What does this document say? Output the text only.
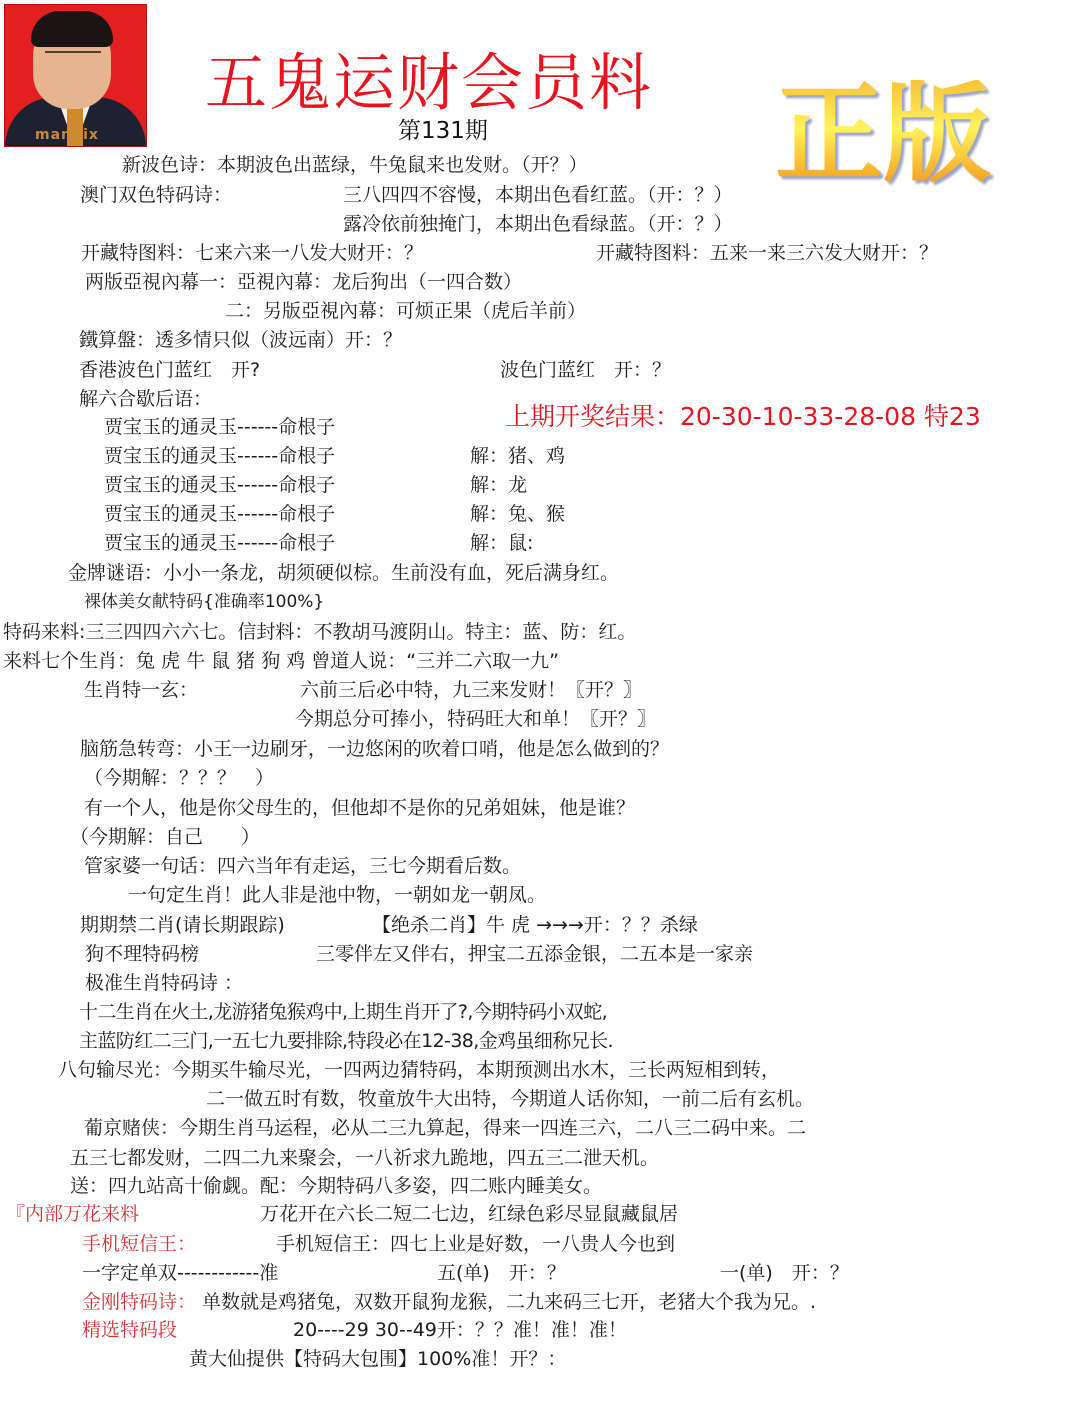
manSix
五鬼运财会员料
第131期	正版
新波色诗：本期波色出蓝绿，牛兔鼠来也发财。（开？）
澳门双色特码诗：	三八四四不容慢，本期出色看红蓝。（开：？）
露冷依前独掩门，本期出色看绿蓝。（开：？）
开藏特图料：七来六来一八发大财开：？	开藏特图料：五来一来三六发大财开：？
两版亞視內幕一：亞視內幕：龙后狗出（一四合数）
二：另版亞視內幕：可烦正果（虎后羊前）
鐵算盤：透多情只似（波远南）开：？
香港波色门蓝红　开?	波色门蓝红　开：？
解六合歇后语：
上期开奖结果：20-30-10-33-28-08 特23
贾宝玉的通灵玉------命根子
贾宝玉的通灵玉------命根子	解：猪、鸡
贾宝玉的通灵玉------命根子	解：龙
贾宝玉的通灵玉------命根子	解：兔、猴
贾宝玉的通灵玉------命根子	解：鼠:
金牌谜语：小小一条龙，胡须硬似棕。生前没有血，死后满身红。
裸体美女献特码{准确率100%}
特码来料:三三四四六六七。信封料：不教胡马渡阴山。特主：蓝、防：红。
来料七个生肖：兔 虎 牛 鼠 猪 狗 鸡 曾道人说：“三并二六取一九”
生肖特一玄：	六前三后必中特，九三来发财！〖开？〗
今期总分可捧小，特码旺大和单！〖开？〗
脑筋急转弯：小王一边刷牙，一边悠闲的吹着口哨，他是怎么做到的？
（今期解：？？？　）
有一个人，他是你父母生的，但他却不是你的兄弟姐妹，他是谁？
（今期解：自己　　）
管家婆一句话：四六当年有走运，三七今期看后数。
一句定生肖！此人非是池中物，一朝如龙一朝凤。
期期禁二肖(请长期跟踪)	【绝杀二肖】牛 虎 →→→开：？？杀绿
狗不理特码榜	三零伴左又伴右，押宝二五添金银，二五本是一家亲
极准生肖特码诗 ：
十二生肖在火土,龙游猪兔猴鸡中,上期生肖开了?,今期特码小双蛇,
主蓝防红二三门,一五七九要排除,特段必在12-38,金鸡虽细称兄长.
八句输尽光：今期买牛输尽光，一四两边猜特码，本期预测出水木，三长两短相到转，
二一做五时有数，牧童放牛大出特，今期道人话你知，一前二后有玄机。
葡京赌侠：今期生肖马运程，必从二三九算起，得来一四连三六，二八三二码中来。二
五三七都发财，二四二九来聚会，一八祈求九跪地，四五三二泄天机。
送：四九站高十偷觑。配：今期特码八多姿，四二账内睡美女。
『内部万花来料	万花开在六长二短二七边，红绿色彩尽显鼠藏鼠居
手机短信王：	手机短信王：四七上业是好数，一八贵人今也到
一字定单双------------准	五(单)　开：？	一(单)　开：？
金刚特码诗： 单数就是鸡猪兔，双数开鼠狗龙猴，二九来码三七开，老猪大个我为兄。.
精选特码段	20----29 30--49开：？？准！准！准！
黄大仙提供【特码大包围】100%准！开？：
